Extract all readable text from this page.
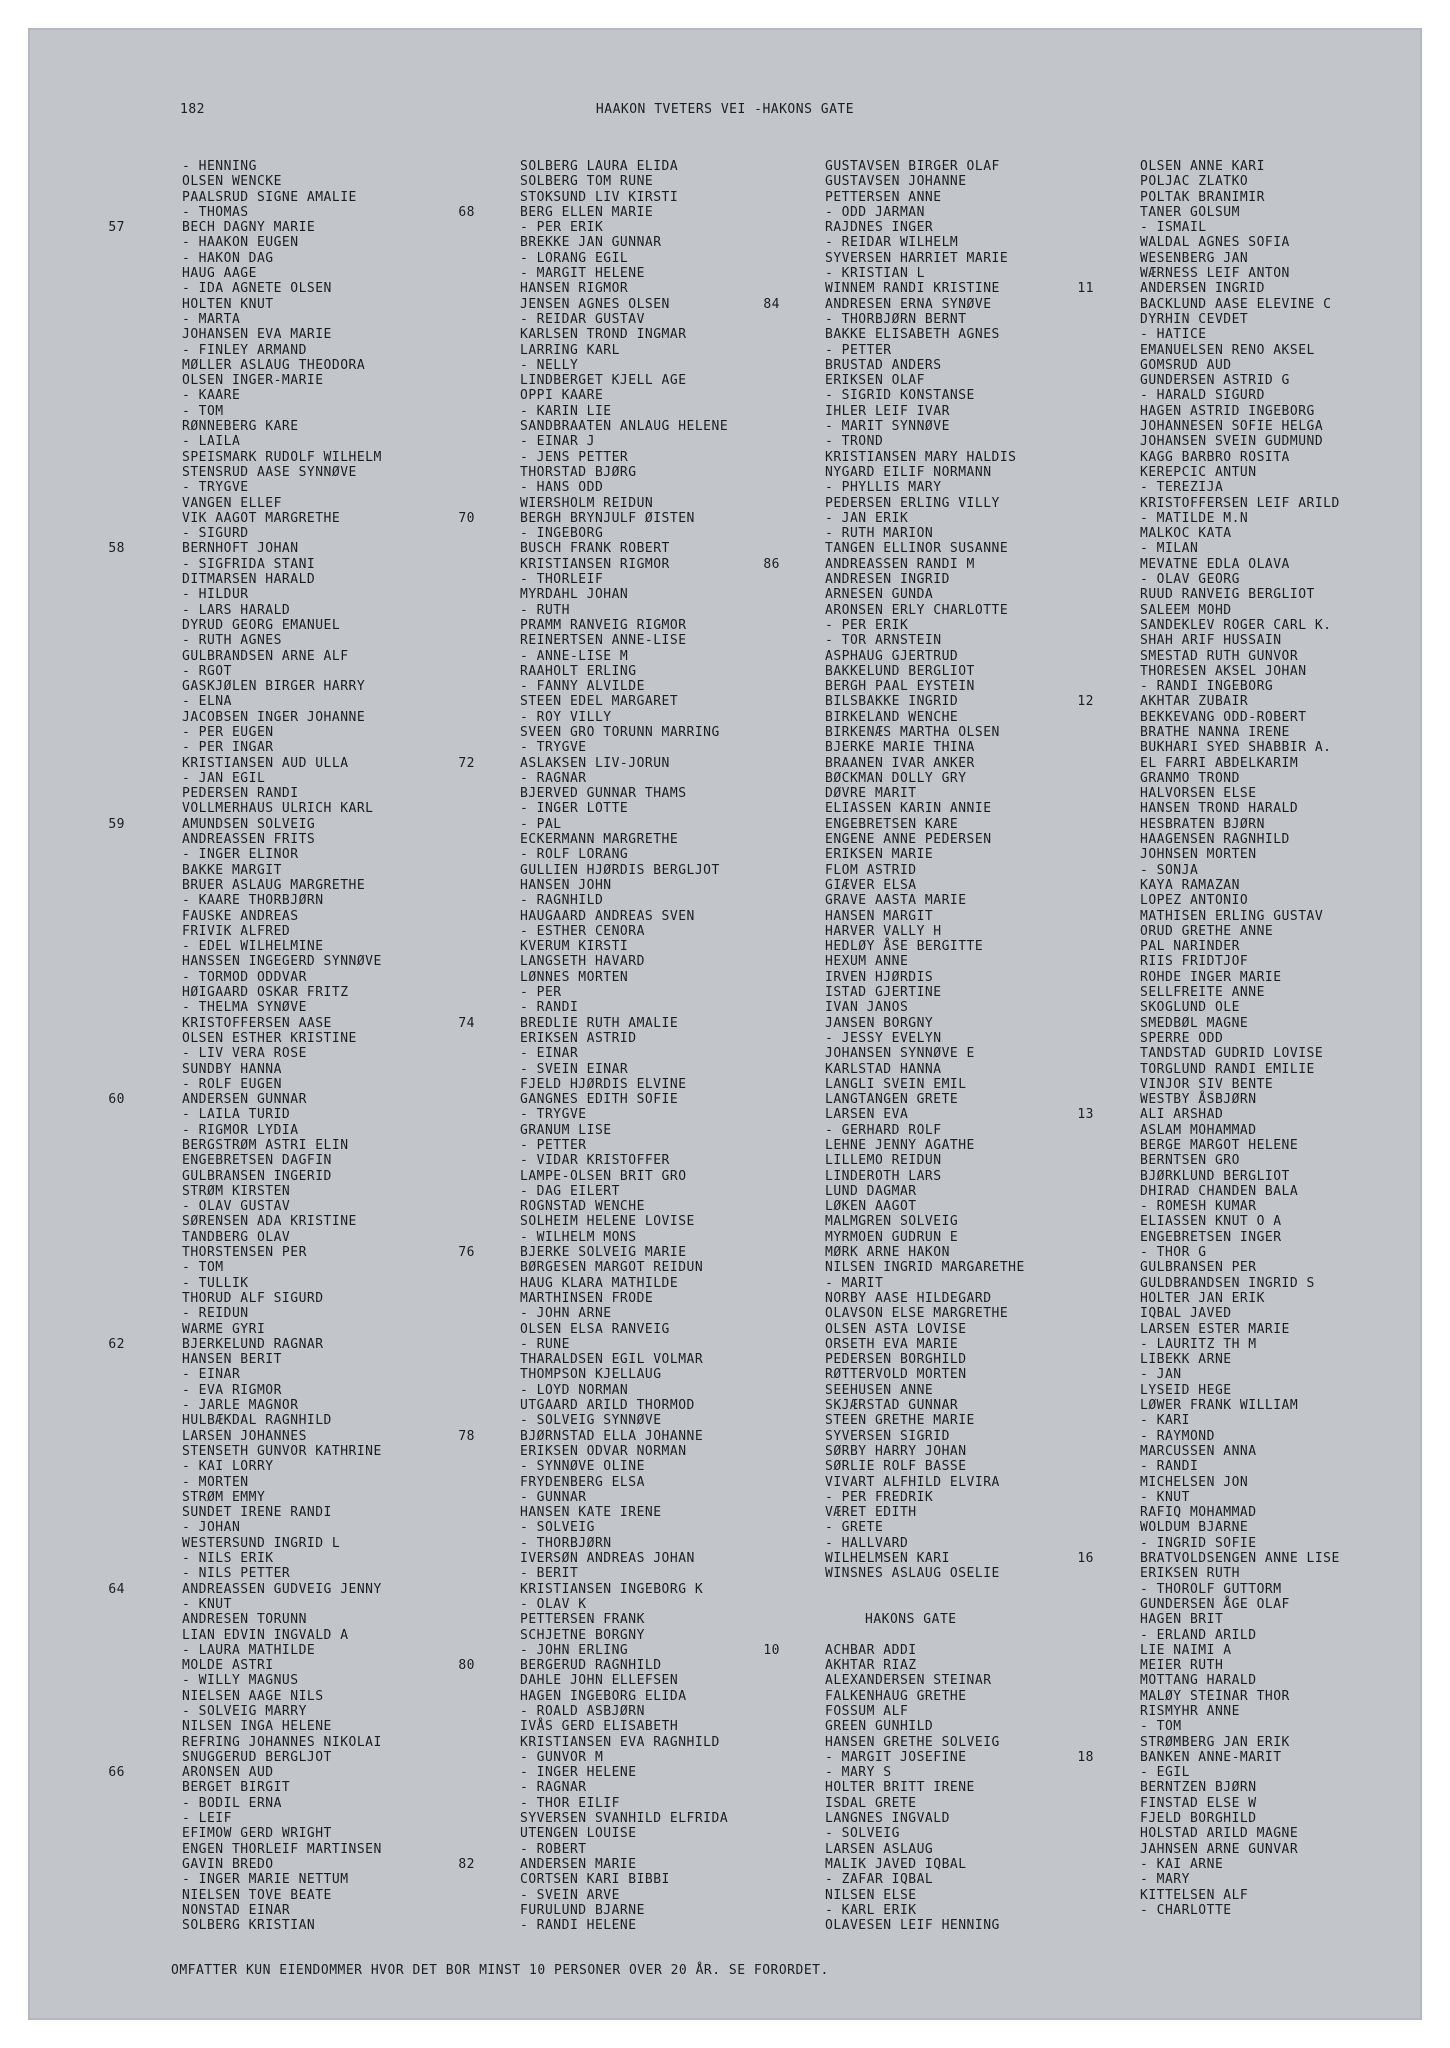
182	HAAKON TVETERS VEI -HAKONS GATE
- HENNING
OLSEN WENCKE
PAALSRUD SIGNE AMALIE
- THOMAS
57	BECH DAGNY MARIE
- HAAKON EUGEN
- HAKON DAG
HAUG AAGE
- IDA AGNETE OLSEN
HOLTEN KNUT
- MARTA
JOHANSEN EVA MARIE
- FINLEY ARMAND
MØLLER ASLAUG THEODORA
OLSEN INGER-MARIE
- KAARE
- TOM
RØNNEBERG KARE
- LAILA
SPEISMARK RUDOLF WILHELM
STENSRUD AASE SYNNØVE
- TRYGVE
VANGEN ELLEF
VIK AAGOT MARGRETHE
- SIGURD
58	BERNHOFT JOHAN
- SIGFRIDA STANI
DITMARSEN HARALD
- HILDUR
- LARS HARALD
DYRUD GEORG EMANUEL
- RUTH AGNES
GULBRANDSEN ARNE ALF
- RGOT
GASKJØLEN BIRGER HARRY
- ELNA
JACOBSEN INGER JOHANNE
- PER EUGEN
- PER INGAR
KRISTIANSEN AUD ULLA
- JAN EGIL
PEDERSEN RANDI
VOLLMERHAUS ULRICH KARL
59	AMUNDSEN SOLVEIG
ANDREASSEN FRITS
- INGER ELINOR
BAKKE MARGIT
BRUER ASLAUG MARGRETHE
- KAARE THORBJØRN
FAUSKE ANDREAS
FRIVIK ALFRED
- EDEL WILHELMINE
HANSSEN INGEGERD SYNNØVE
- TORMOD ODDVAR
HØIGAARD OSKAR FRITZ
- THELMA SYNØVE
KRISTOFFERSEN AASE
OLSEN ESTHER KRISTINE
- LIV VERA ROSE
SUNDBY HANNA
- ROLF EUGEN
60	ANDERSEN GUNNAR
- LAILA TURID
- RIGMOR LYDIA
BERGSTRØM ASTRI ELIN
ENGEBRETSEN DAGFIN
GULBRANSEN INGERID
STRØM KIRSTEN
- OLAV GUSTAV
SØRENSEN ADA KRISTINE
TANDBERG OLAV
THORSTENSEN PER
- TOM
- TULLIK
THORUD ALF SIGURD
- REIDUN
WARME GYRI
62	BJERKELUND RAGNAR
HANSEN BERIT
- EINAR
- EVA RIGMOR
- JARLE MAGNOR
HULBÆKDAL RAGNHILD
LARSEN JOHANNES
STENSETH GUNVOR KATHRINE
- KAI LORRY
- MORTEN
STRØM EMMY
SUNDET IRENE RANDI
- JOHAN
WESTERSUND INGRID L
- NILS ERIK
- NILS PETTER
64	ANDREASSEN GUDVEIG JENNY
- KNUT
ANDRESEN TORUNN
LIAN EDVIN INGVALD A
- LAURA MATHILDE
MOLDE ASTRI
- WILLY MAGNUS
NIELSEN AAGE NILS
- SOLVEIG MARRY
NILSEN INGA HELENE
REFRING JOHANNES NIKOLAI
SNUGGERUD BERGLJOT
66	ARONSEN AUD
BERGET BIRGIT
- BODIL ERNA
- LEIF
EFIMOW GERD WRIGHT
ENGEN THORLEIF MARTINSEN
GAVIN BREDO
- INGER MARIE NETTUM
NIELSEN TOVE BEATE
NONSTAD EINAR
SOLBERG KRISTIAN
SOLBERG LAURA ELIDA
SOLBERG TOM RUNE
STOKSUND LIV KIRSTI
68	BERG ELLEN MARIE
- PER ERIK
BREKKE JAN GUNNAR
- LORANG EGIL
- MARGIT HELENE
HANSEN RIGMOR
JENSEN AGNES OLSEN
- REIDAR GUSTAV
KARLSEN TROND INGMAR
LARRING KARL
- NELLY
LINDBERGET KJELL AGE
OPPI KAARE
- KARIN LIE
SANDBRAATEN ANLAUG HELENE
- EINAR J
- JENS PETTER
THORSTAD BJØRG
- HANS ODD
WIERSHOLM REIDUN
70	BERGH BRYNJULF ØISTEN
- INGEBORG
BUSCH FRANK ROBERT
KRISTIANSEN RIGMOR
- THORLEIF
MYRDAHL JOHAN
- RUTH
PRAMM RANVEIG RIGMOR
REINERTSEN ANNE-LISE
- ANNE-LISE M
RAAHOLT ERLING
- FANNY ALVILDE
STEEN EDEL MARGARET
- ROY VILLY
SVEEN GRO TORUNN MARRING
- TRYGVE
72	ASLAKSEN LIV-JORUN
- RAGNAR
BJERVED GUNNAR THAMS
- INGER LOTTE
- PAL
ECKERMANN MARGRETHE
- ROLF LORANG
GULLIEN HJØRDIS BERGLJOT
HANSEN JOHN
- RAGNHILD
HAUGAARD ANDREAS SVEN
- ESTHER CENORA
KVERUM KIRSTI
LANGSETH HAVARD
LØNNES MORTEN
- PER
- RANDI
74	BREDLIE RUTH AMALIE
ERIKSEN ASTRID
- EINAR
- SVEIN EINAR
FJELD HJØRDIS ELVINE
GANGNES EDITH SOFIE
- TRYGVE
GRANUM LISE
- PETTER
- VIDAR KRISTOFFER
LAMPE-OLSEN BRIT GRO
- DAG EILERT
ROGNSTAD WENCHE
SOLHEIM HELENE LOVISE
- WILHELM MONS
76	BJERKE SOLVEIG MARIE
BØRGESEN MARGOT REIDUN
HAUG KLARA MATHILDE
MARTHINSEN FRODE
- JOHN ARNE
OLSEN ELSA RANVEIG
- RUNE
THARALDSEN EGIL VOLMAR
THOMPSON KJELLAUG
- LOYD NORMAN
UTGAARD ARILD THORMOD
- SOLVEIG SYNNØVE
78	BJØRNSTAD ELLA JOHANNE
ERIKSEN ODVAR NORMAN
- SYNNØVE OLINE
FRYDENBERG ELSA
- GUNNAR
HANSEN KATE IRENE
- SOLVEIG
- THORBJØRN
IVERSØN ANDREAS JOHAN
- BERIT
KRISTIANSEN INGEBORG K
- OLAV K
PETTERSEN FRANK
SCHJETNE BORGNY
- JOHN ERLING
80	BERGERUD RAGNHILD
DAHLE JOHN ELLEFSEN
HAGEN INGEBORG ELIDA
- ROALD ASBJØRN
IVÅS GERD ELISABETH
KRISTIANSEN EVA RAGNHILD
- GUNVOR M
- INGER HELENE
- RAGNAR
- THOR EILIF
SYVERSEN SVANHILD ELFRIDA
UTENGEN LOUISE
- ROBERT
82	ANDERSEN MARIE
CORTSEN KARI BIBBI
- SVEIN ARVE
FURULUND BJARNE
- RANDI HELENE
GUSTAVSEN BIRGER OLAF
GUSTAVSEN JOHANNE
PETTERSEN ANNE
- ODD JARMAN
RAJDNES INGER
- REIDAR WILHELM
SYVERSEN HARRIET MARIE
- KRISTIAN L
WINNEM RANDI KRISTINE
84	ANDRESEN ERNA SYNØVE
- THORBJØRN BERNT
BAKKE ELISABETH AGNES
- PETTER
BRUSTAD ANDERS
ERIKSEN OLAF
- SIGRID KONSTANSE
IHLER LEIF IVAR
- MARIT SYNNØVE
- TROND
KRISTIANSEN MARY HALDIS
NYGARD EILIF NORMANN
- PHYLLIS MARY
PEDERSEN ERLING VILLY
- JAN ERIK
- RUTH MARION
TANGEN ELLINOR SUSANNE
86	ANDREASSEN RANDI M
ANDRESEN INGRID
ARNESEN GUNDA
ARONSEN ERLY CHARLOTTE
- PER ERIK
- TOR ARNSTEIN
ASPHAUG GJERTRUD
BAKKELUND BERGLIOT
BERGH PAAL EYSTEIN
BILSBAKKE INGRID
BIRKELAND WENCHE
BIRKENÆS MARTHA OLSEN
BJERKE MARIE THINA
BRAANEN IVAR ANKER
BØCKMAN DOLLY GRY
DØVRE MARIT
ELIASSEN KARIN ANNIE
ENGEBRETSEN KARE
ENGENE ANNE PEDERSEN
ERIKSEN MARIE
FLOM ASTRID
GIÆVER ELSA
GRAVE AASTA MARIE
HANSEN MARGIT
HARVER VALLY H
HEDLØY ÅSE BERGITTE
HEXUM ANNE
IRVEN HJØRDIS
ISTAD GJERTINE
IVAN JANOS
JANSEN BORGNY
- JESSY EVELYN
JOHANSEN SYNNØVE E
KARLSTAD HANNA
LANGLI SVEIN EMIL
LANGTANGEN GRETE
LARSEN EVA
- GERHARD ROLF
LEHNE JENNY AGATHE
LILLEMO REIDUN
LINDEROTH LARS
LUND DAGMAR
LØKEN AAGOT
MALMGREN SOLVEIG
MYRMOEN GUDRUN E
MØRK ARNE HAKON
NILSEN INGRID MARGARETHE
- MARIT
NORBY AASE HILDEGARD
OLAVSON ELSE MARGRETHE
OLSEN ASTA LOVISE
ORSETH EVA MARIE
PEDERSEN BORGHILD
RØTTERVOLD MORTEN
SEEHUSEN ANNE
SKJÆRSTAD GUNNAR
STEEN GRETHE MARIE
SYVERSEN SIGRID
SØRBY HARRY JOHAN
SØRLIE ROLF BASSE
VIVART ALFHILD ELVIRA
- PER FREDRIK
VÆRET EDITH
- GRETE
- HALLVARD
WILHELMSEN KARI
WINSNES ASLAUG OSELIE
HAKONS GATE
10	ACHBAR ADDI
AKHTAR RIAZ
ALEXANDERSEN STEINAR
FALKENHAUG GRETHE
FOSSUM ALF
GREEN GUNHILD
HANSEN GRETHE SOLVEIG
- MARGIT JOSEFINE
- MARY S
HOLTER BRITT IRENE
ISDAL GRETE
LANGNES INGVALD
- SOLVEIG
LARSEN ASLAUG
MALIK JAVED IQBAL
- ZAFAR IQBAL
NILSEN ELSE
- KARL ERIK
OLAVESEN LEIF HENNING
OLSEN ANNE KARI
POLJAC ZLATKO
POLTAK BRANIMIR
TANER GOLSUM
- ISMAIL
WALDAL AGNES SOFIA
WESENBERG JAN
WÆRNESS LEIF ANTON
11	ANDERSEN INGRID
BACKLUND AASE ELEVINE C
DYRHIN CEVDET
- HATICE
EMANUELSEN RENO AKSEL
GOMSRUD AUD
GUNDERSEN ASTRID G
- HARALD SIGURD
HAGEN ASTRID INGEBORG
JOHANNESEN SOFIE HELGA
JOHANSEN SVEIN GUDMUND
KAGG BARBRO ROSITA
KEREPCIC ANTUN
- TEREZIJA
KRISTOFFERSEN LEIF ARILD
- MATILDE M.N
MALKOC KATA
- MILAN
MEVATNE EDLA OLAVA
- OLAV GEORG
RUUD RANVEIG BERGLIOT
SALEEM MOHD
SANDEKLEV ROGER CARL K.
SHAH ARIF HUSSAIN
SMESTAD RUTH GUNVOR
THORESEN AKSEL JOHAN
- RANDI INGEBORG
12	AKHTAR ZUBAIR
BEKKEVANG ODD-ROBERT
BRATHE NANNA IRENE
BUKHARI SYED SHABBIR A.
EL FARRI ABDELKARIM
GRANMO TROND
HALVORSEN ELSE
HANSEN TROND HARALD
HESBRATEN BJØRN
HAAGENSEN RAGNHILD
JOHNSEN MORTEN
- SONJA
KAYA RAMAZAN
LOPEZ ANTONIO
MATHISEN ERLING GUSTAV
ORUD GRETHE ANNE
PAL NARINDER
RIIS FRIDTJOF
ROHDE INGER MARIE
SELLFREITE ANNE
SKOGLUND OLE
SMEDBØL MAGNE
SPERRE ODD
TANDSTAD GUDRID LOVISE
TORGLUND RANDI EMILIE
VINJOR SIV BENTE
WESTBY ÅSBJØRN
13	ALI ARSHAD
ASLAM MOHAMMAD
BERGE MARGOT HELENE
BERNTSEN GRO
BJØRKLUND BERGLIOT
DHIRAD CHANDEN BALA
- ROMESH KUMAR
ELIASSEN KNUT O A
ENGEBRETSEN INGER
- THOR G
GULBRANSEN PER
GULDBRANDSEN INGRID S
HOLTER JAN ERIK
IQBAL JAVED
LARSEN ESTER MARIE
- LAURITZ TH M
LIBEKK ARNE
- JAN
LYSEID HEGE
LØWER FRANK WILLIAM
- KARI
- RAYMOND
MARCUSSEN ANNA
- RANDI
MICHELSEN JON
- KNUT
RAFIQ MOHAMMAD
WOLDUM BJARNE
- INGRID SOFIE
16	BRATVOLDSENGEN ANNE LISE
ERIKSEN RUTH
- THOROLF GUTTORM
GUNDERSEN ÅGE OLAF
HAGEN BRIT
- ERLAND ARILD
LIE NAIMI A
MEIER RUTH
MOTTANG HARALD
MALØY STEINAR THOR
RISMYHR ANNE
- TOM
STRØMBERG JAN ERIK
18	BANKEN ANNE-MARIT
- EGIL
BERNTZEN BJØRN
FINSTAD ELSE W
FJELD BORGHILD
HOLSTAD ARILD MAGNE
JAHNSEN ARNE GUNVAR
- KAI ARNE
- MARY
KITTELSEN ALF
- CHARLOTTE
OMFATTER KUN EIENDOMMER HVOR DET BOR MINST 10 PERSONER OVER 20 ÅR. SE FORORDET.
